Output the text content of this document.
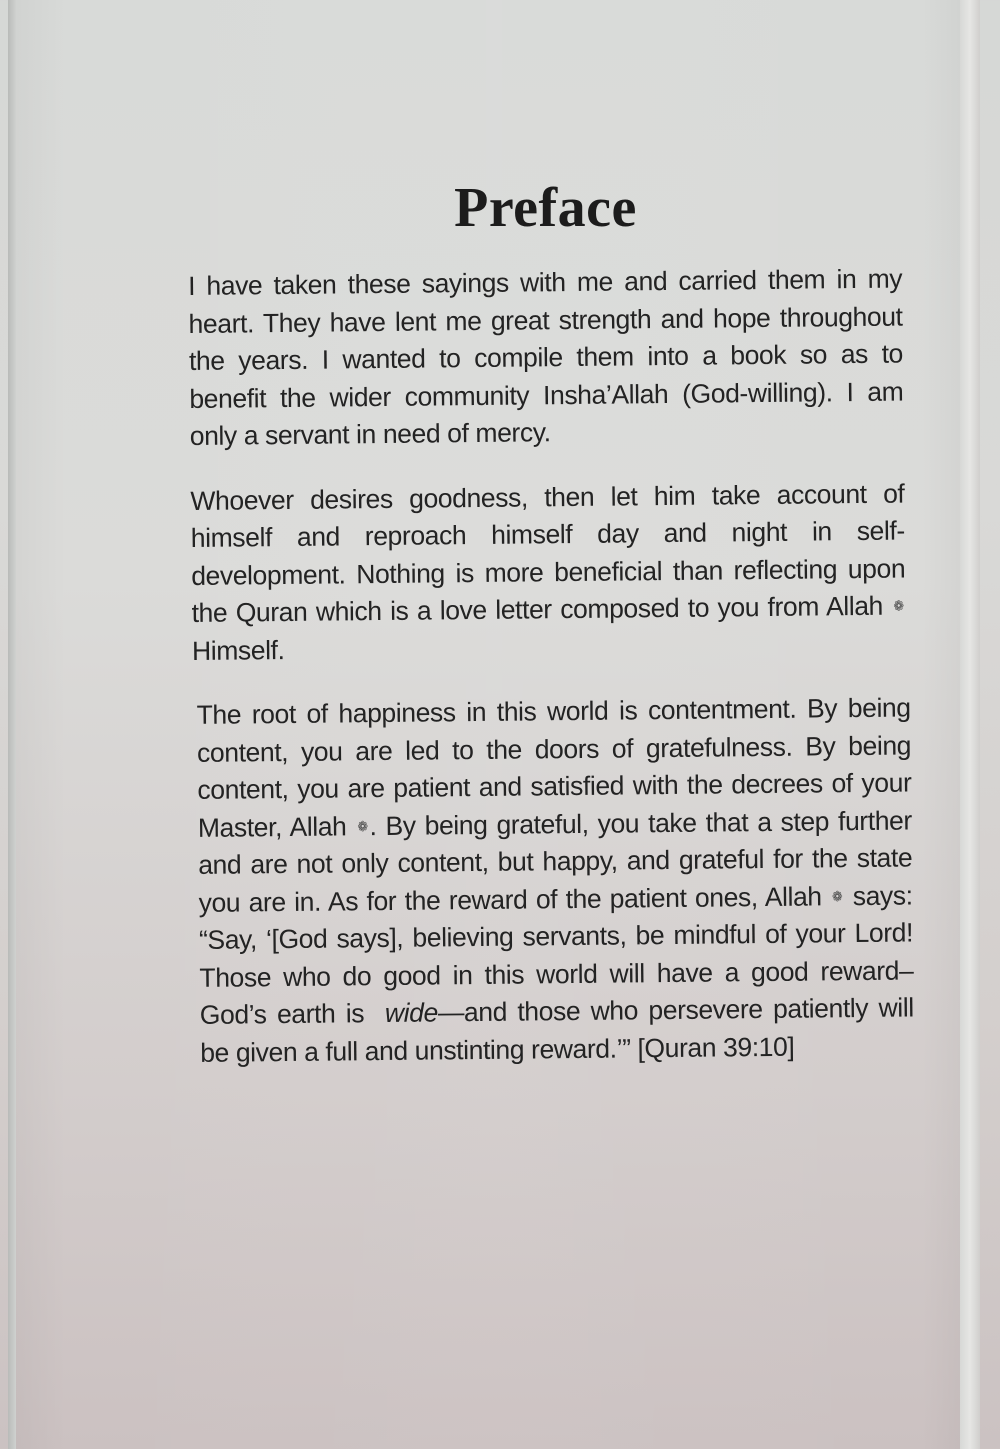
Preface

I have taken these sayings with me and carried them in my heart. They have lent me great strength and hope throughout the years. I wanted to compile them into a book so as to benefit the wider community Insha’Allah (God-willing). I am only a servant in need of mercy.

Whoever desires goodness, then let him take account of himself and reproach himself day and night in self-development. Nothing is more beneficial than reflecting upon the Quran which is a love letter composed to you from Allah ❁ Himself.

The root of happiness in this world is contentment. By being content, you are led to the doors of gratefulness. By being content, you are patient and satisfied with the decrees of your Master, Allah ❁. By being grateful, you take that a step further and are not only content, but happy, and grateful for the state you are in. As for the reward of the patient ones, Allah ❁ says: “Say, ‘[God says], believing servants, be mindful of your Lord! Those who do good in this world will have a good reward– God’s earth is wide—and those who persevere patiently will be given a full and unstinting reward.’” [Quran 39:10]
